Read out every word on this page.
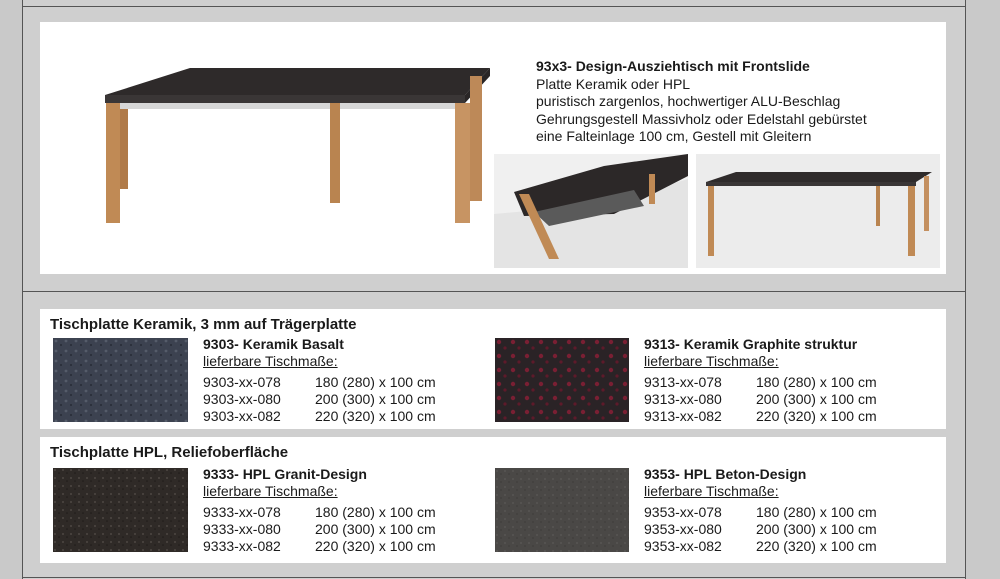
93x3- Design-Ausziehtisch mit Frontslide
Platte Keramik oder HPL
puristisch zargenlos, hochwertiger ALU-Beschlag
Gehrungsgestell Massivholz oder Edelstahl gebürstet
eine Falteinlage 100 cm, Gestell mit Gleitern
Tischplatte Keramik, 3 mm auf Trägerplatte
9303- Keramik Basalt
lieferbare Tischmaße:
9303-xx-078	180 (280) x 100 cm
9303-xx-080	200 (300) x 100 cm
9303-xx-082	220 (320) x 100 cm
9313- Keramik Graphite struktur
lieferbare Tischmaße:
9313-xx-078	180 (280) x 100 cm
9313-xx-080	200 (300) x 100 cm
9313-xx-082	220 (320) x 100 cm
Tischplatte HPL, Reliefoberfläche
9333- HPL Granit-Design
lieferbare Tischmaße:
9333-xx-078	180 (280) x 100 cm
9333-xx-080	200 (300) x 100 cm
9333-xx-082	220 (320) x 100 cm
9353- HPL Beton-Design
lieferbare Tischmaße:
9353-xx-078	180 (280) x 100 cm
9353-xx-080	200 (300) x 100 cm
9353-xx-082	220 (320) x 100 cm
